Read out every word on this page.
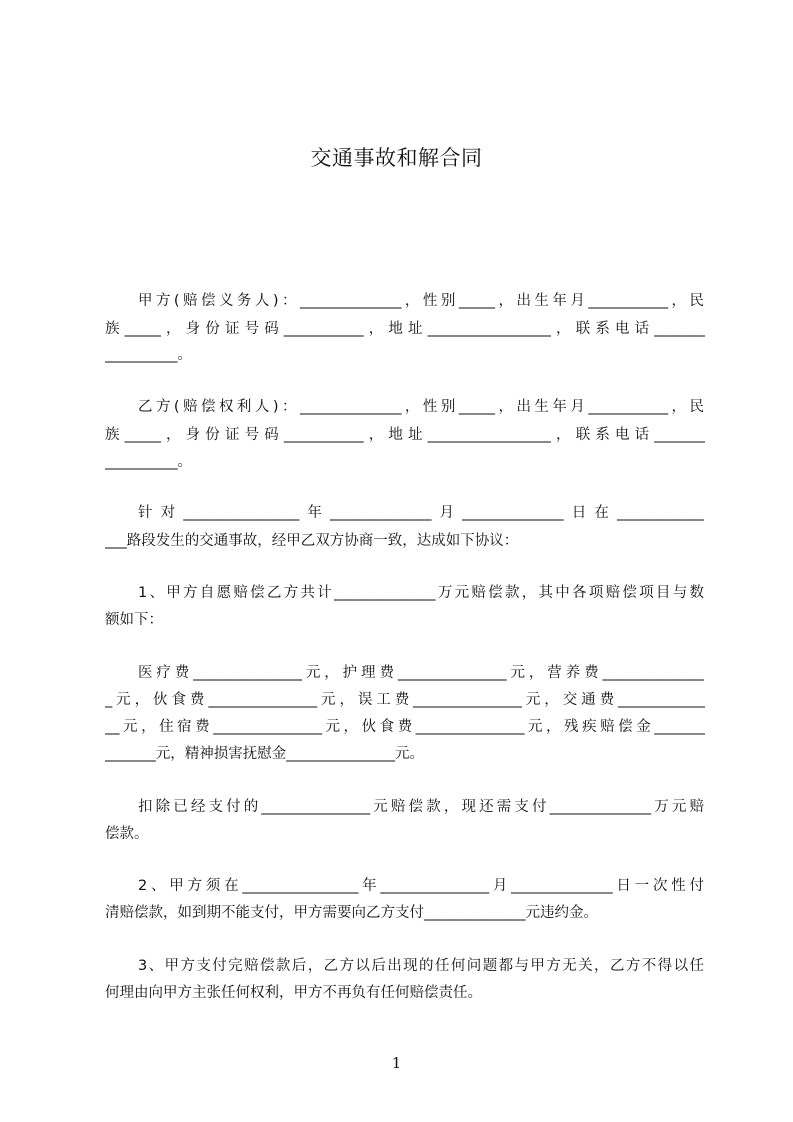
交通事故和解合同
甲方(赔偿义务人)：______________，性别_____，出生年月___________，民
族_____，身份证号码___________，地址_________________，联系电话_______
__________。
乙方(赔偿权利人)：______________，性别_____，出生年月___________，民
族_____，身份证号码___________，地址_________________，联系电话_______
__________。
针对________________年______________月______________日在____________
___路段发生的交通事故，经甲乙双方协商一致，达成如下协议：
1、甲方自愿赔偿乙方共计______________万元赔偿款，其中各项赔偿项目与数
额如下：
医疗费_______________元，护理费_______________元，营养费______________
_元，伙食费_______________元，误工费_______________元，交通费____________
__元，住宿费_______________元，伙食费_______________元，残疾赔偿金_______
_______元，精神损害抚慰金_______________元。
扣除已经支付的_______________元赔偿款，现还需支付______________万元赔
偿款。
2、甲方须在________________年_______________月______________日一次性付
清赔偿款，如到期不能支付，甲方需要向乙方支付______________元违约金。
3、甲方支付完赔偿款后，乙方以后出现的任何问题都与甲方无关，乙方不得以任
何理由向甲方主张任何权利，甲方不再负有任何赔偿责任。
1
